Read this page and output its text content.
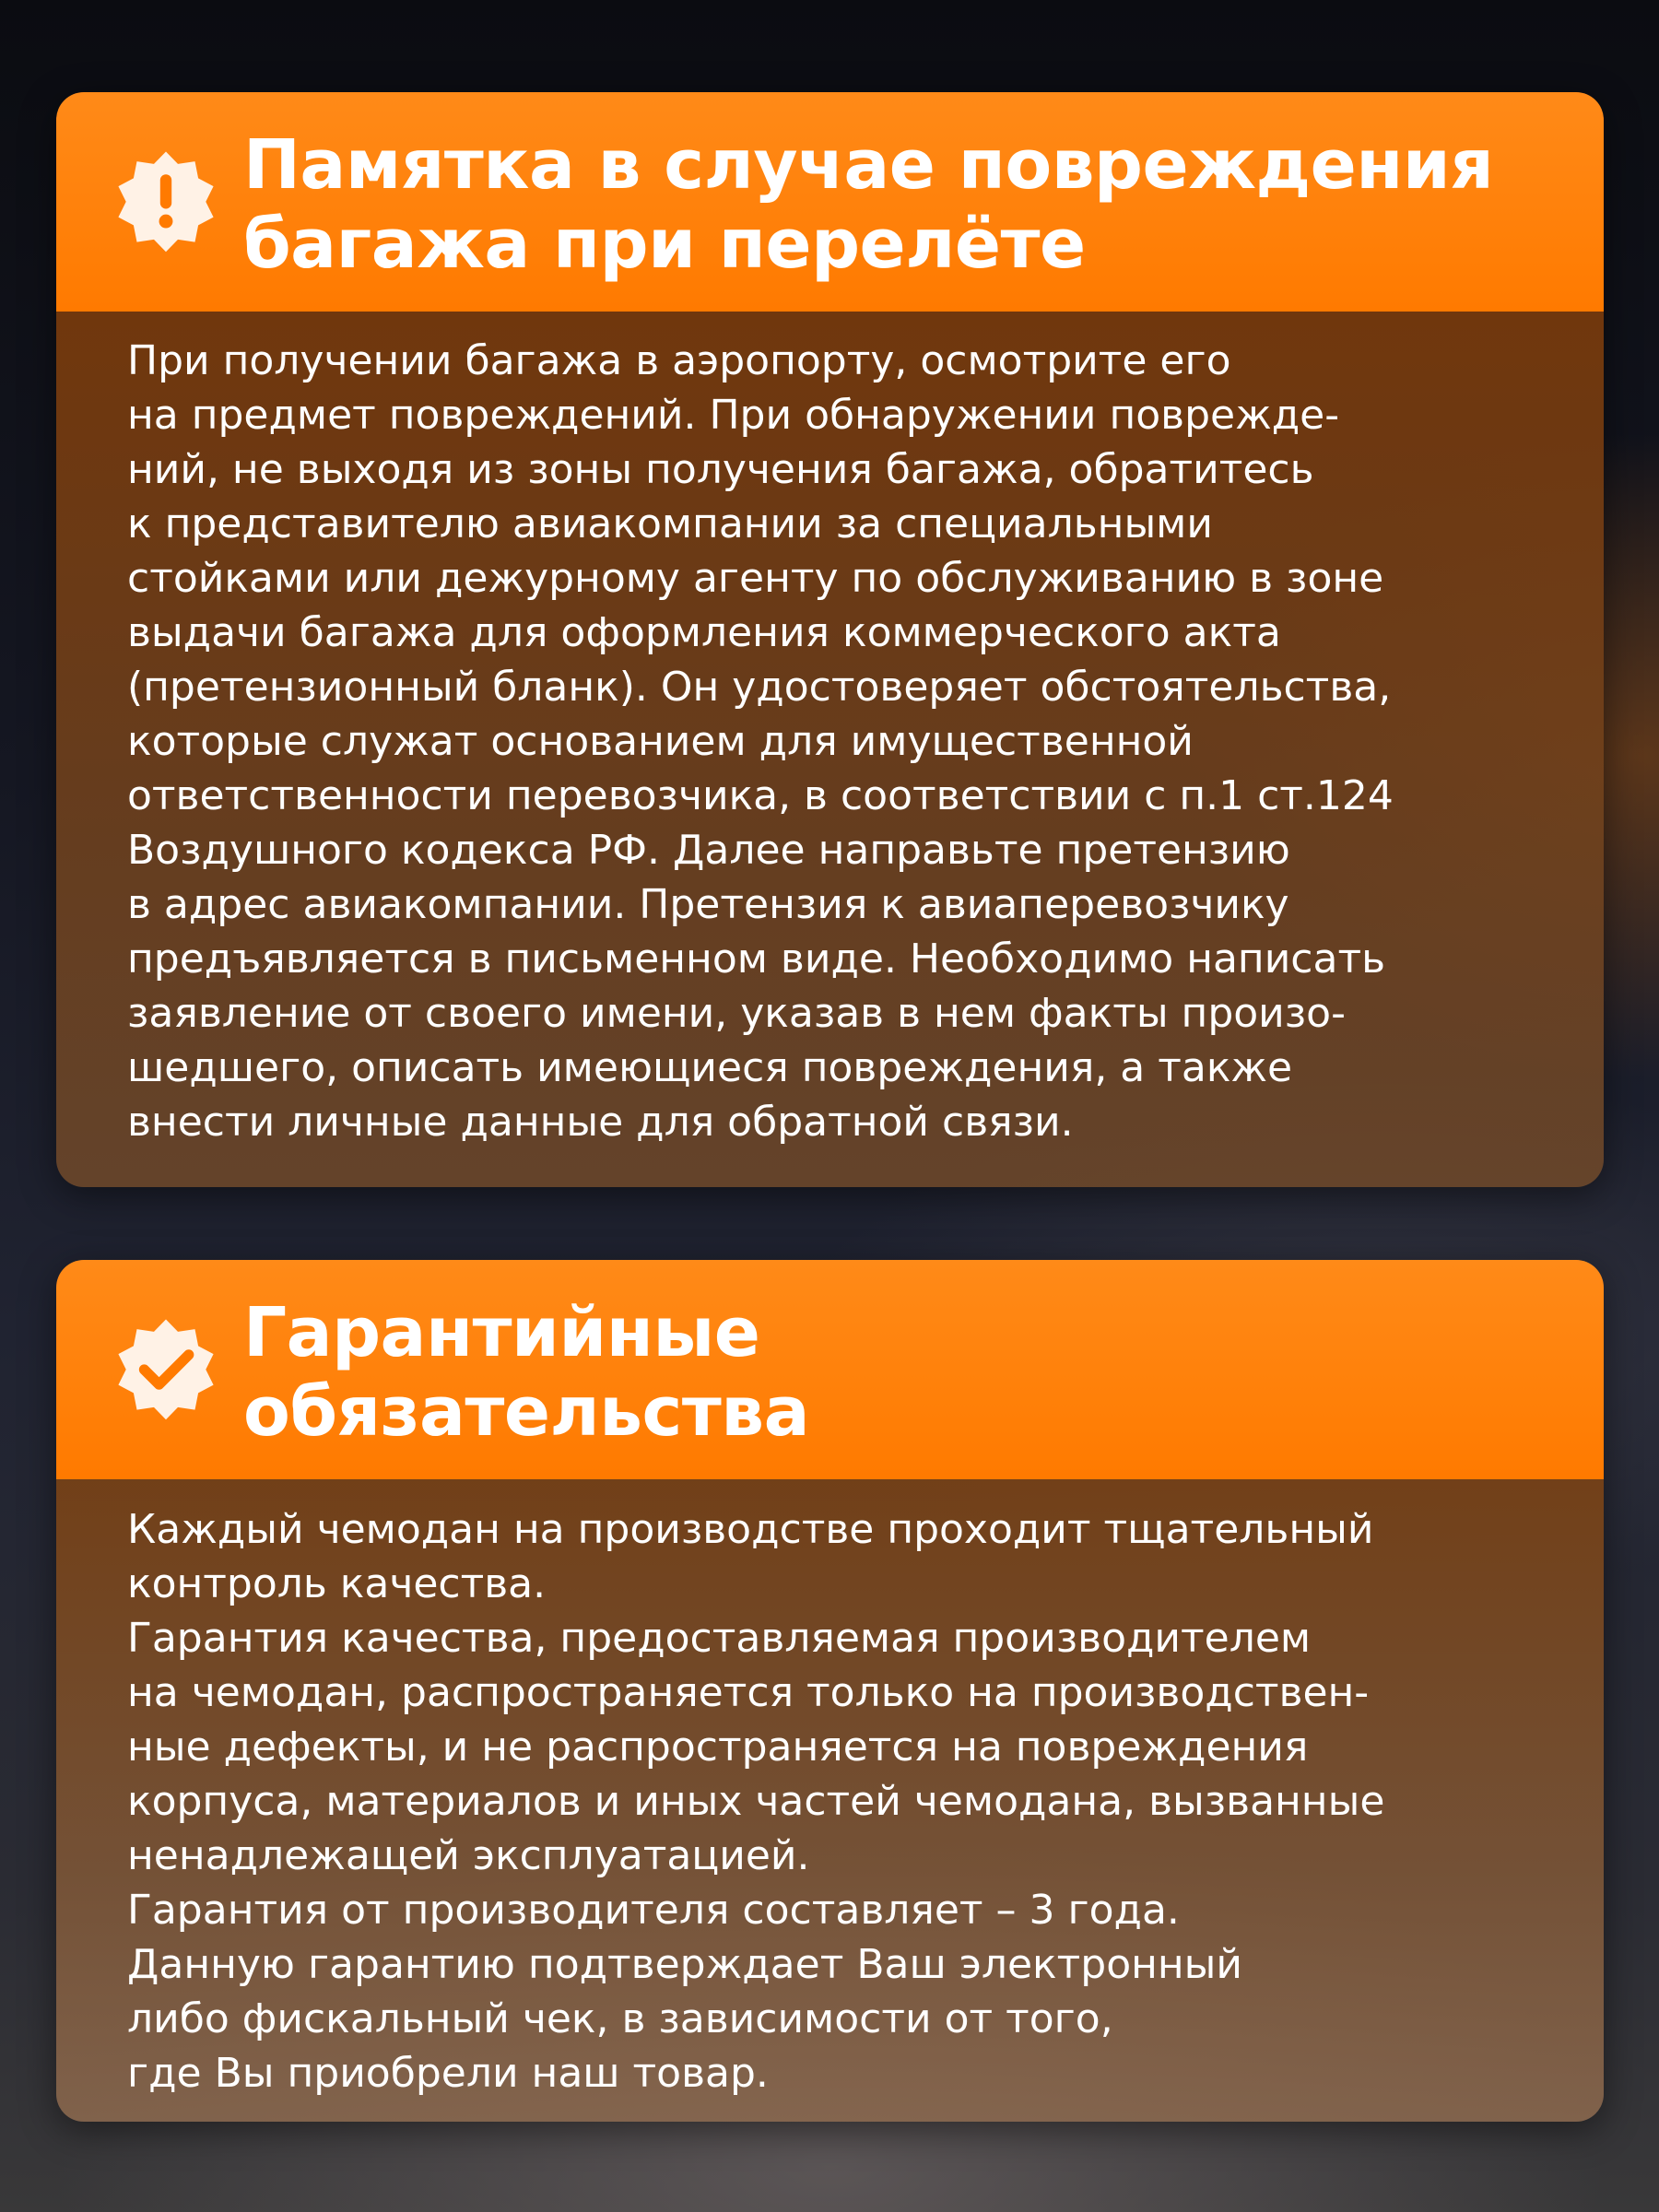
Памятка в случае повреждения
багажа при перелёте
При получении багажа в аэропорту, осмотрите его
на предмет повреждений. При обнаружении поврежде-
ний, не выходя из зоны получения багажа, обратитесь
к представителю авиакомпании за специальными
стойками или дежурному агенту по обслуживанию в зоне
выдачи багажа для оформления коммерческого акта
(претензионный бланк). Он удостоверяет обстоятельства,
которые служат основанием для имущественной
ответственности перевозчика, в соответствии с п.1 ст.124
Воздушного кодекса РФ. Далее направьте претензию
в адрес авиакомпании. Претензия к авиаперевозчику
предъявляется в письменном виде. Необходимо написать
заявление от своего имени, указав в нем факты произо-
шедшего, описать имеющиеся повреждения, а также
внести личные данные для обратной связи.
Гарантийные
обязательства
Каждый чемодан на производстве проходит тщательный
контроль качества.
Гарантия качества, предоставляемая производителем
на чемодан, распространяется только на производствен-
ные дефекты, и не распространяется на повреждения
корпуса, материалов и иных частей чемодана, вызванные
ненадлежащей эксплуатацией.
Гарантия от производителя составляет – 3 года.
Данную гарантию подтверждает Ваш электронный
либо фискальный чек, в зависимости от того,
где Вы приобрели наш товар.
